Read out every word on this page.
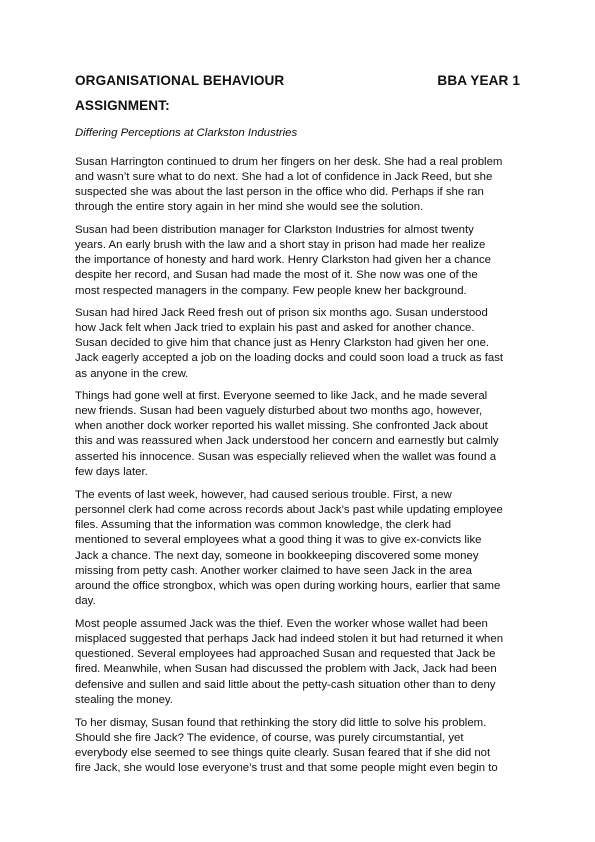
ORGANISATIONAL BEHAVIOUR	BBA YEAR 1
ASSIGNMENT:
Differing Perceptions at Clarkston Industries
Susan Harrington continued to drum her fingers on her desk. She had a real problem
and wasn’t sure what to do next. She had a lot of confidence in Jack Reed, but she
suspected she was about the last person in the office who did. Perhaps if she ran
through the entire story again in her mind she would see the solution.
Susan had been distribution manager for Clarkston Industries for almost twenty
years. An early brush with the law and a short stay in prison had made her realize
the importance of honesty and hard work. Henry Clarkston had given her a chance
despite her record, and Susan had made the most of it. She now was one of the
most respected managers in the company. Few people knew her background.
Susan had hired Jack Reed fresh out of prison six months ago. Susan understood
how Jack felt when Jack tried to explain his past and asked for another chance.
Susan decided to give him that chance just as Henry Clarkston had given her one.
Jack eagerly accepted a job on the loading docks and could soon load a truck as fast
as anyone in the crew.
Things had gone well at first. Everyone seemed to like Jack, and he made several
new friends. Susan had been vaguely disturbed about two months ago, however,
when another dock worker reported his wallet missing. She confronted Jack about
this and was reassured when Jack understood her concern and earnestly but calmly
asserted his innocence. Susan was especially relieved when the wallet was found a
few days later.
The events of last week, however, had caused serious trouble. First, a new
personnel clerk had come across records about Jack’s past while updating employee
files. Assuming that the information was common knowledge, the clerk had
mentioned to several employees what a good thing it was to give ex-convicts like
Jack a chance. The next day, someone in bookkeeping discovered some money
missing from petty cash. Another worker claimed to have seen Jack in the area
around the office strongbox, which was open during working hours, earlier that same
day.
Most people assumed Jack was the thief. Even the worker whose wallet had been
misplaced suggested that perhaps Jack had indeed stolen it but had returned it when
questioned. Several employees had approached Susan and requested that Jack be
fired. Meanwhile, when Susan had discussed the problem with Jack, Jack had been
defensive and sullen and said little about the petty-cash situation other than to deny
stealing the money.
To her dismay, Susan found that rethinking the story did little to solve his problem.
Should she fire Jack? The evidence, of course, was purely circumstantial, yet
everybody else seemed to see things quite clearly. Susan feared that if she did not
fire Jack, she would lose everyone’s trust and that some people might even begin to
